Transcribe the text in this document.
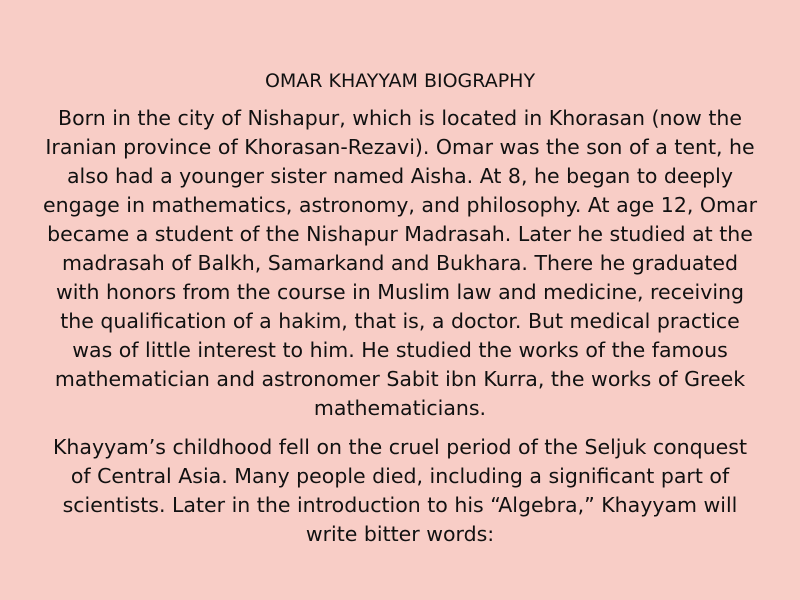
OMAR KHAYYAM BIOGRAPHY

Born in the city of Nishapur, which is located in Khorasan (now the Iranian province of Khorasan-Rezavi). Omar was the son of a tent, he also had a younger sister named Aisha. At 8, he began to deeply engage in mathematics, astronomy, and philosophy. At age 12, Omar became a student of the Nishapur Madrasah. Later he studied at the madrasah of Balkh, Samarkand and Bukhara. There he graduated with honors from the course in Muslim law and medicine, receiving the qualification of a hakim, that is, a doctor. But medical practice was of little interest to him. He studied the works of the famous mathematician and astronomer Sabit ibn Kurra, the works of Greek mathematicians.

Khayyam’s childhood fell on the cruel period of the Seljuk conquest of Central Asia. Many people died, including a significant part of scientists. Later in the introduction to his “Algebra,” Khayyam will write bitter words:
